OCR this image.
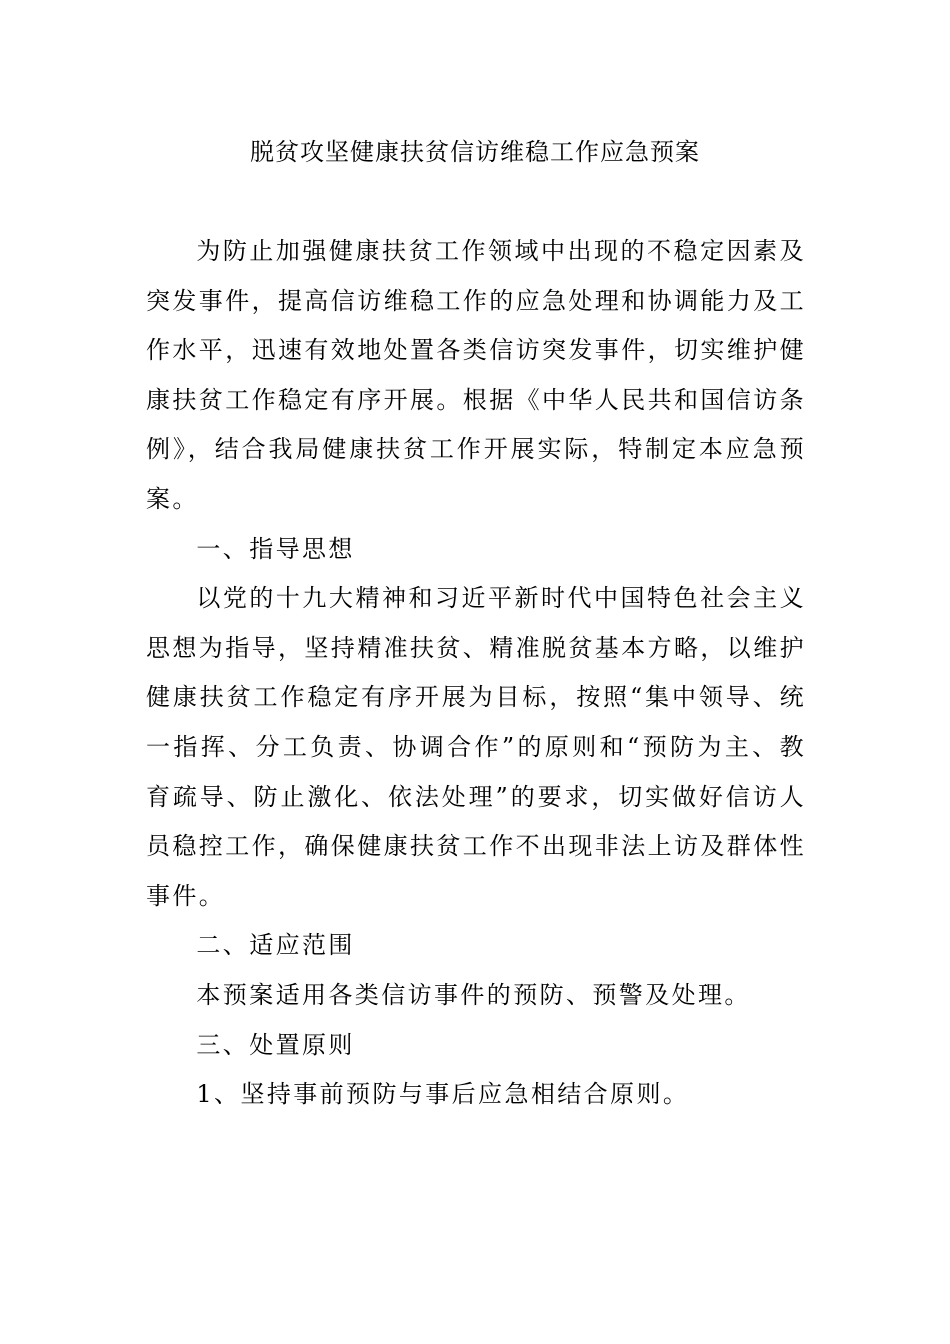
脱贫攻坚健康扶贫信访维稳工作应急预案

为防止加强健康扶贫工作领域中出现的不稳定因素及突发事件，提高信访维稳工作的应急处理和协调能力及工作水平，迅速有效地处置各类信访突发事件，切实维护健康扶贫工作稳定有序开展。根据《中华人民共和国信访条例》，结合我局健康扶贫工作开展实际，特制定本应急预案。

一、指导思想

以党的十九大精神和习近平新时代中国特色社会主义思想为指导，坚持精准扶贫、精准脱贫基本方略，以维护健康扶贫工作稳定有序开展为目标，按照“集中领导、统一指挥、分工负责、协调合作”的原则和“预防为主、教育疏导、防止激化、依法处理”的要求，切实做好信访人员稳控工作，确保健康扶贫工作不出现非法上访及群体性事件。

二、适应范围

本预案适用各类信访事件的预防、预警及处理。

三、处置原则

1、坚持事前预防与事后应急相结合原则。
